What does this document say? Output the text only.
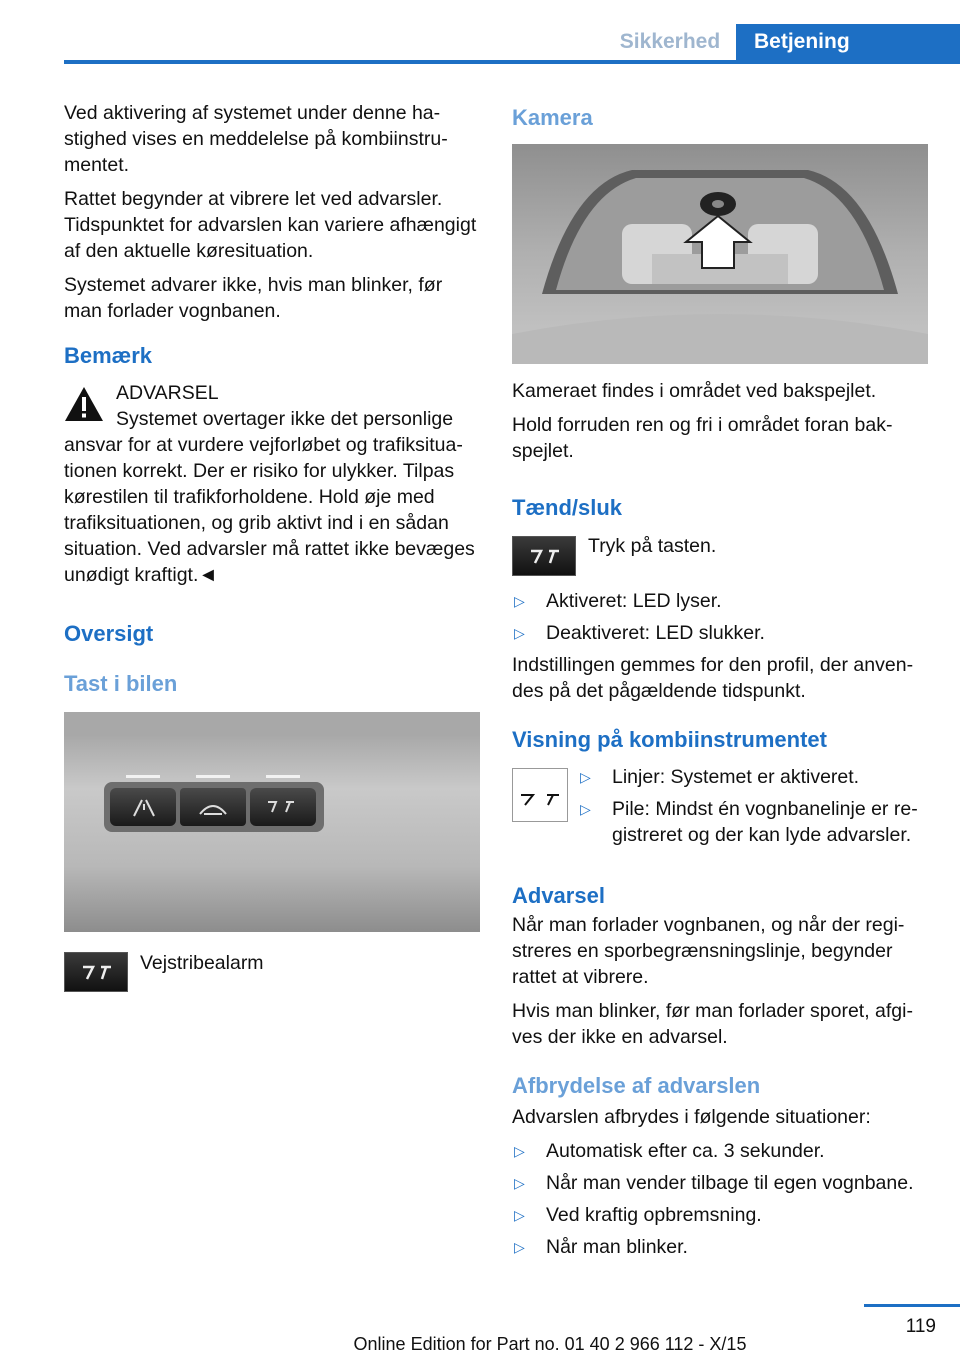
Sikkerhed	Betjening

Ved aktivering af systemet under denne hastighed vises en meddelelse på kombiinstrumentet.

Rattet begynder at vibrere let ved advarsler. Tidspunktet for advarslen kan variere afhængigt af den aktuelle køresituation.

Systemet advarer ikke, hvis man blinker, før man forlader vognbanen.

Bemærk
ADVARSEL
Systemet overtager ikke det personlige ansvar for at vurdere vejforløbet og trafiksituationen korrekt. Der er risiko for ulykker. Tilpas kørestilen til trafikforholdene. Hold øje med trafiksituationen, og grib aktivt ind i en sådan situation. Ved advarsler må rattet ikke bevæges unødigt kraftigt.◄
Oversigt
Tast i bilen
Vejstribealarm
Kamera

Kameraet findes i området ved bakspejlet.

Hold forruden ren og fri i området foran bakspejlet.

Tænd/sluk
Tryk på tasten.
▷ Aktiveret: LED lyser.
▷ Deaktiveret: LED slukker.

Indstillingen gemmes for den profil, der anvendes på det pågældende tidspunkt.

Visning på kombiinstrumentet
▷ Linjer: Systemet er aktiveret.
▷ Pile: Mindst én vognbanelinje er registreret og der kan lyde advarsler.
Advarsel

Når man forlader vognbanen, og når der registreres en sporbegrænsningslinje, begynder rattet at vibrere.

Hvis man blinker, før man forlader sporet, afgives der ikke en advarsel.

Afbrydelse af advarslen

Advarslen afbrydes i følgende situationer:

▷ Automatisk efter ca. 3 sekunder.
▷ Når man vender tilbage til egen vognbane.
▷ Ved kraftig opbremsning.
▷ Når man blinker.
119
Online Edition for Part no. 01 40 2 966 112 - X/15
